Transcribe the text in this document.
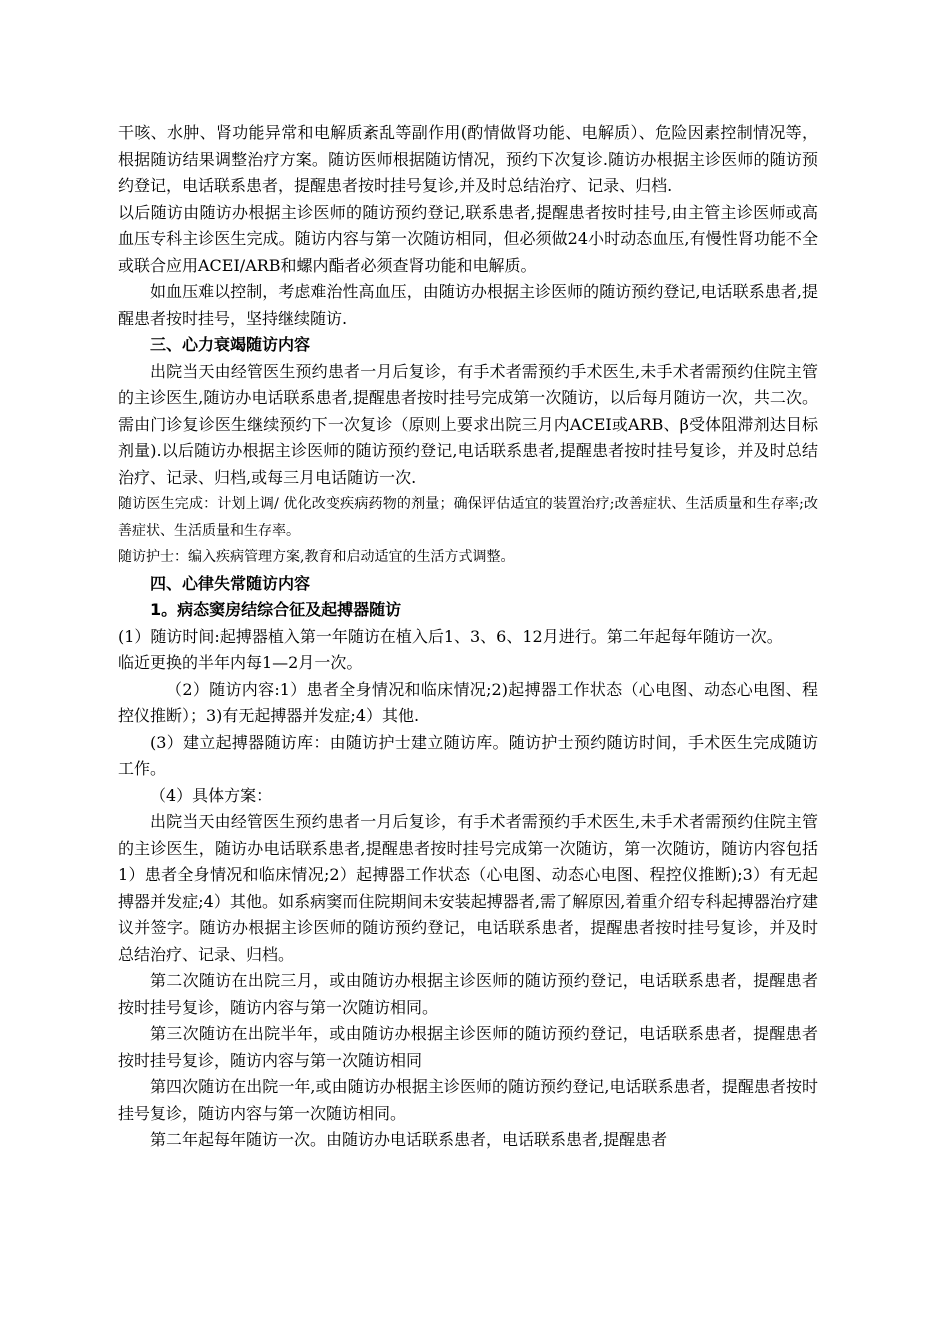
干咳、水肿、肾功能异常和电解质紊乱等副作用(酌情做肾功能、电解质）、危险因素控制情况等，根据随访结果调整治疗方案。随访医师根据随访情况，预约下次复诊.随访办根据主诊医师的随访预约登记，电话联系患者，提醒患者按时挂号复诊,并及时总结治疗、记录、归档.

以后随访由随访办根据主诊医师的随访预约登记,联系患者,提醒患者按时挂号,由主管主诊医师或高血压专科主诊医生完成。随访内容与第一次随访相同，但必须做24小时动态血压,有慢性肾功能不全或联合应用ACEI/ARB和螺内酯者必须查肾功能和电解质。

如血压难以控制，考虑难治性高血压，由随访办根据主诊医师的随访预约登记,电话联系患者,提醒患者按时挂号，坚持继续随访.

三、心力衰竭随访内容

出院当天由经管医生预约患者一月后复诊，有手术者需预约手术医生,未手术者需预约住院主管的主诊医生,随访办电话联系患者,提醒患者按时挂号完成第一次随访，以后每月随访一次，共二次。需由门诊复诊医生继续预约下一次复诊（原则上要求出院三月内ACEI或ARB、β受体阻滞剂达目标剂量).以后随访办根据主诊医师的随访预约登记,电话联系患者,提醒患者按时挂号复诊，并及时总结治疗、记录、归档,或每三月电话随访一次.

随访医生完成：计划上调/ 优化改变疾病药物的剂量；确保评估适宜的装置治疗;改善症状、生活质量和生存率;改善症状、生活质量和生存率。

随访护士：编入疾病管理方案,教育和启动适宜的生活方式调整。

四、心律失常随访内容

1。病态窦房结综合征及起搏器随访

(1）随访时间:起搏器植入第一年随访在植入后1、3、6、12月进行。第二年起每年随访一次。

临近更换的半年内每1—2月一次。

（2）随访内容:1）患者全身情况和临床情况;2)起搏器工作状态（心电图、动态心电图、程控仪推断）；3)有无起搏器并发症;4）其他.

(3）建立起搏器随访库：由随访护士建立随访库。随访护士预约随访时间，手术医生完成随访工作。

（4）具体方案：

出院当天由经管医生预约患者一月后复诊，有手术者需预约手术医生,未手术者需预约住院主管的主诊医生，随访办电话联系患者,提醒患者按时挂号完成第一次随访，第一次随访，随访内容包括1）患者全身情况和临床情况;2）起搏器工作状态（心电图、动态心电图、程控仪推断);3）有无起搏器并发症;4）其他。如系病窦而住院期间未安装起搏器者,需了解原因,着重介绍专科起搏器治疗建议并签字。随访办根据主诊医师的随访预约登记，电话联系患者，提醒患者按时挂号复诊，并及时总结治疗、记录、归档。

第二次随访在出院三月，或由随访办根据主诊医师的随访预约登记，电话联系患者，提醒患者按时挂号复诊，随访内容与第一次随访相同。

第三次随访在出院半年，或由随访办根据主诊医师的随访预约登记，电话联系患者，提醒患者按时挂号复诊，随访内容与第一次随访相同

第四次随访在出院一年,或由随访办根据主诊医师的随访预约登记,电话联系患者，提醒患者按时挂号复诊，随访内容与第一次随访相同。

第二年起每年随访一次。由随访办电话联系患者，电话联系患者,提醒患者
